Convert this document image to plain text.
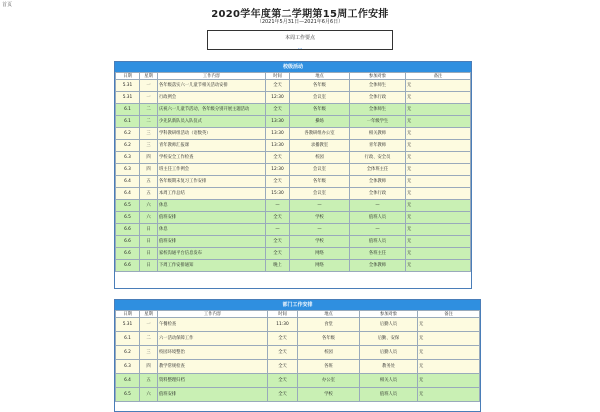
首页
2020学年度第二学期第15周工作安排
（2021年5月31日—2021年6月6日）
本周工作要点
...
校级活动
日期	星期	工作内容	时间	地点	参加对象	备注
5.31	一	各年级落实六一儿童节相关活动安排	全天	各年级	全体师生	无
5.31	一	行政例会	12:30	会议室	全体行政	无
6.1	二	庆祝六一儿童节活动，各年级分别开展主题活动	全天	各年级	全体师生	无
6.1	二	少先队新队员入队仪式	13:30	操场	一年级学生	无
6.2	三	学科教研组活动（语数英）	13:30	各教研组办公室	相关教师	无
6.2	三	青年教师汇报课	13:30	录播教室	青年教师	无
6.3	四	学校安全工作检查	全天	校园	行政、安全员	无
6.3	四	班主任工作例会	12:30	会议室	全体班主任	无
6.4	五	各年级期末复习工作安排	全天	各年级	全体教师	无
6.4	五	本周工作总结	15:30	会议室	全体行政	无
6.5	六	休息	—	—	—	无
6.5	六	值班安排	全天	学校	值班人员	无
6.6	日	休息	—	—	—	无
6.6	日	值班安排	全天	学校	值班人员	无
6.6	日	家校沟通平台信息发布	全天	网络	各班主任	无
6.6	日	下周工作安排通知	晚上	网络	全体教师	无
部门工作安排
日期	星期	工作内容	时间	地点	参加对象	备注
5.31	一	午餐检查	11:30	食堂	后勤人员	无
6.1	二	六一活动保障工作	全天	各年级	后勤、安保	无
6.2	三	校园环境整治	全天	校园	后勤人员	无
6.3	四	教学常规检查	全天	各班	教务处	无
6.4	五	资料整理归档	全天	办公室	相关人员	无
6.5	六	值班安排	全天	学校	值班人员	无
